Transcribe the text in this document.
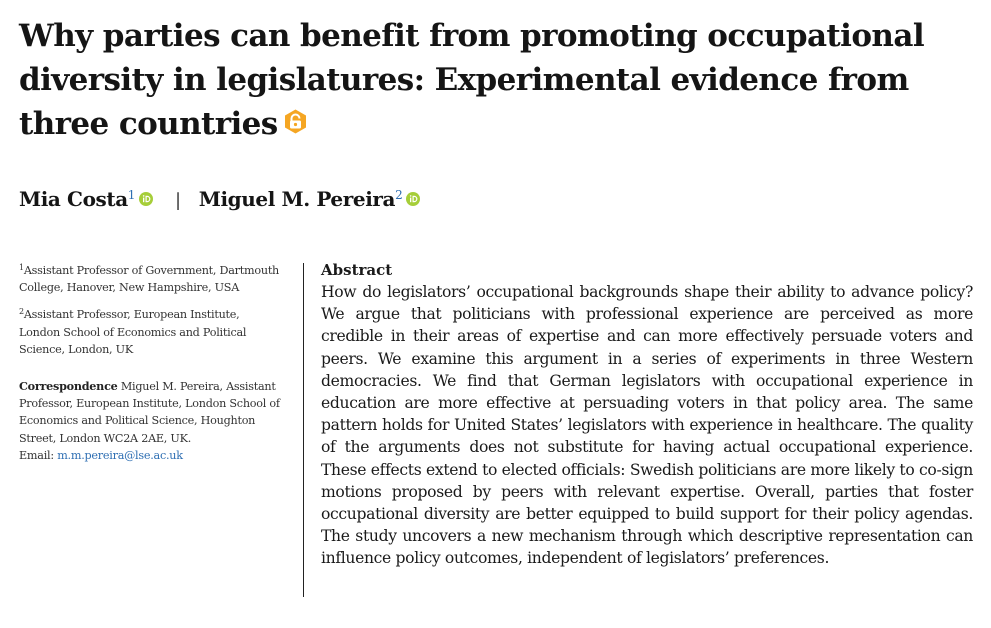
Why parties can benefit from promoting occupational diversity in legislatures: Experimental evidence from three countries
Mia Costa$^1$ | Miguel M. Pereira$^2$

$^1$Assistant Professor of Government, Dartmouth College, Hanover, New Hampshire, USA

$^2$Assistant Professor, European Institute, London School of Economics and Political Science, London, UK

Correspondence Miguel M. Pereira, Assistant Professor, European Institute, London School of Economics and Political Science, Houghton Street, London WC2A 2AE, UK.
Email: m.m.pereira@lse.ac.uk

Abstract

How do legislators’ occupational backgrounds shape their ability to advance policy? We argue that politicians with professional experience are perceived as more credible in their areas of expertise and can more effectively persuade voters and peers. We examine this argument in a series of experiments in three Western democracies. We find that German legislators with occupational experience in education are more effective at persuading voters in that policy area. The same pattern holds for United States’ legislators with experience in healthcare. The quality of the arguments does not substitute for having actual occupational experience. These effects extend to elected officials: Swedish politicians are more likely to co-sign motions proposed by peers with relevant expertise. Overall, parties that foster occupational diversity are better equipped to build support for their policy agendas. The study uncovers a new mechanism through which descriptive representation can influence policy outcomes, independent of legislators’ preferences.
